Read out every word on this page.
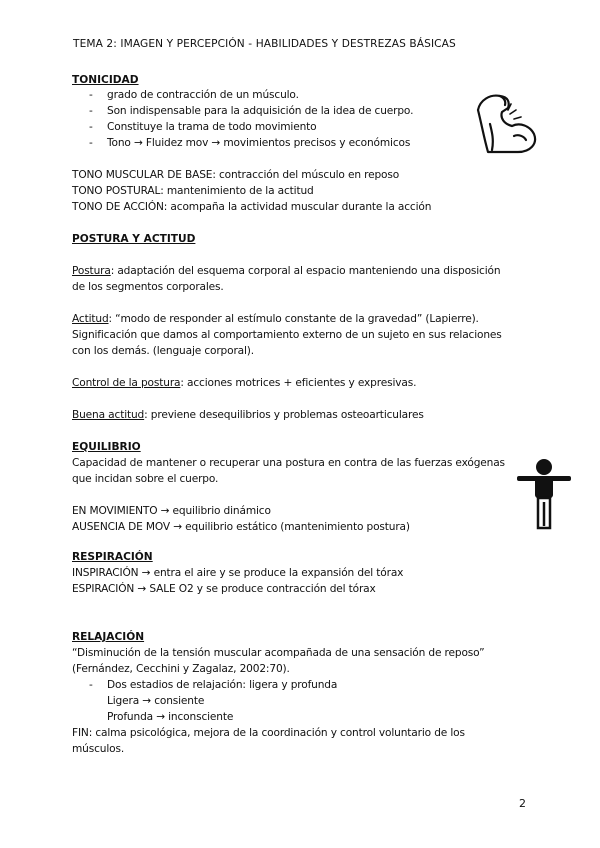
TEMA 2: IMAGEN Y PERCEPCIÓN - HABILIDADES Y DESTREZAS BÁSICAS
TONICIDAD
- grado de contracción de un músculo.
- Son indispensable para la adquisición de la idea de cuerpo.
- Constituye la trama de todo movimiento
- Tono → Fluidez mov → movimientos precisos y económicos
TONO MUSCULAR DE BASE: contracción del músculo en reposo
TONO POSTURAL: mantenimiento de la actitud
TONO DE ACCIÓN: acompaña la actividad muscular durante la acción
POSTURA Y ACTITUD
Postura: adaptación del esquema corporal al espacio manteniendo una disposición
de los segmentos corporales.
Actitud: “modo de responder al estímulo constante de la gravedad” (Lapierre).
Significación que damos al comportamiento externo de un sujeto en sus relaciones
con los demás. (lenguaje corporal).
Control de la postura: acciones motrices + eficientes y expresivas.
Buena actitud: previene desequilibrios y problemas osteoarticulares
EQUILIBRIO
Capacidad de mantener o recuperar una postura en contra de las fuerzas exógenas
que incidan sobre el cuerpo.
EN MOVIMIENTO → equilibrio dinámico
AUSENCIA DE MOV → equilibrio estático (mantenimiento postura)
RESPIRACIÓN
INSPIRACIÓN → entra el aire y se produce la expansión del tórax
ESPIRACIÓN → SALE O2 y se produce contracción del tórax
RELAJACIÓN
“Disminución de la tensión muscular acompañada de una sensación de reposo”
(Fernández, Cecchini y Zagalaz, 2002:70).
- Dos estadios de relajación: ligera y profunda
Ligera → consiente
Profunda → inconsciente
FIN: calma psicológica, mejora de la coordinación y control voluntario de los
músculos.
2
